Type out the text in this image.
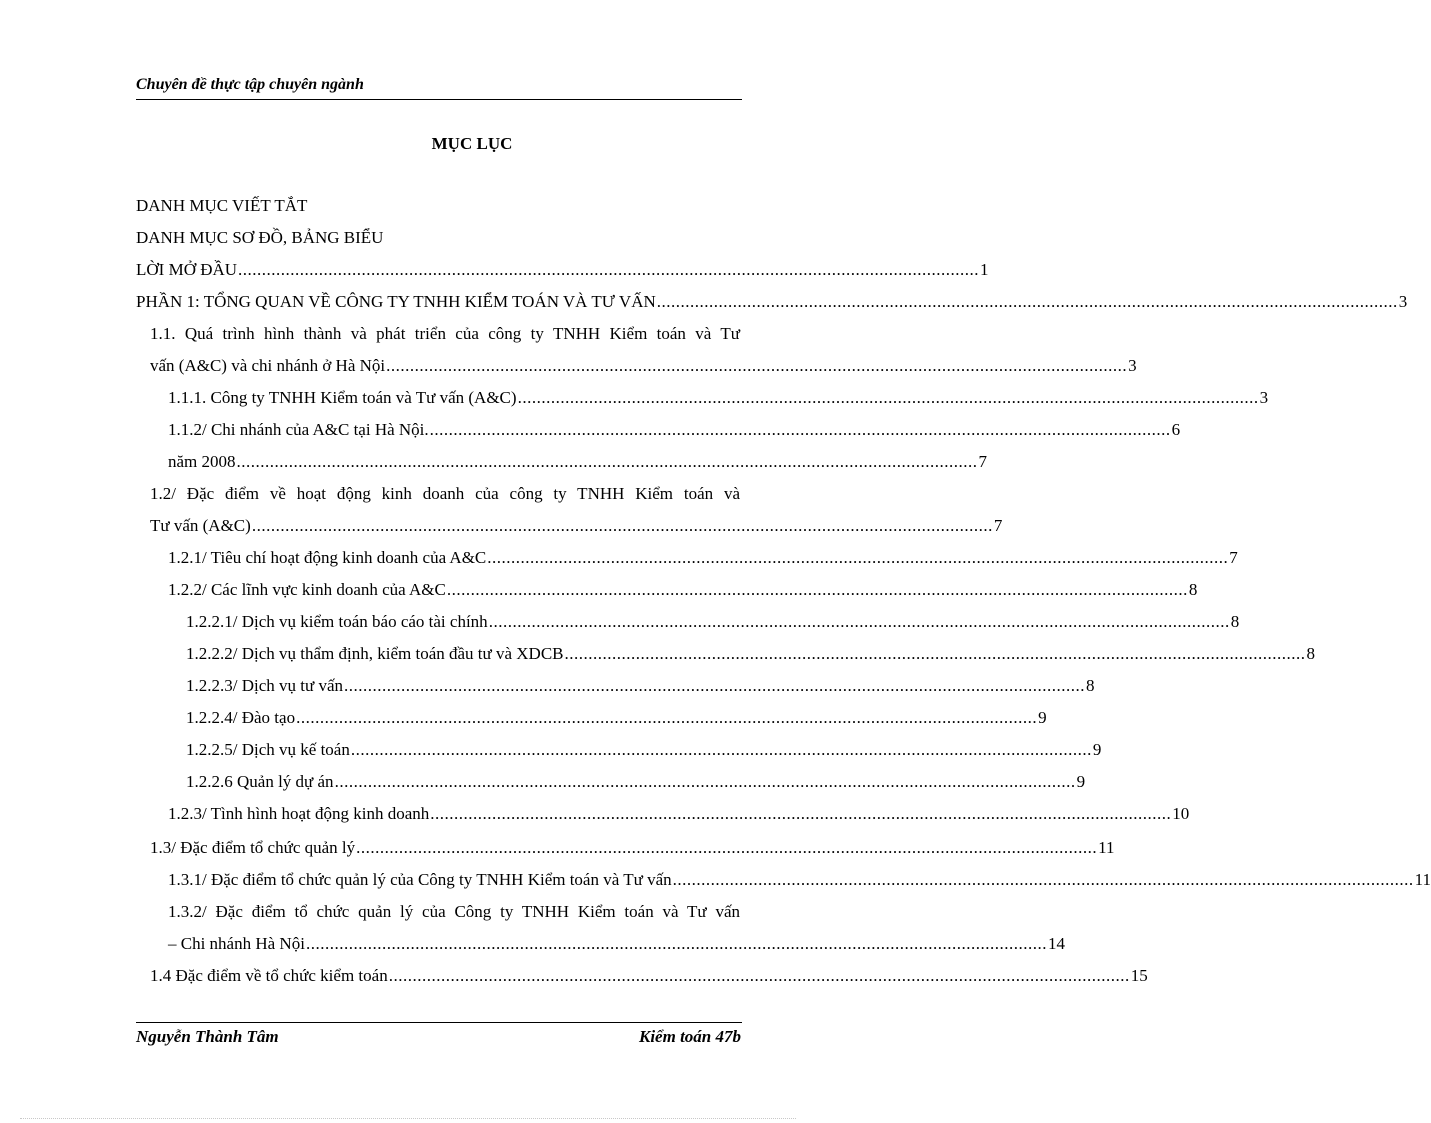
Chuyên đề thực tập chuyên ngành
MỤC LỤC
DANH MỤC VIẾT TẮT
DANH MỤC SƠ ĐỒ, BẢNG BIỂU
LỜI MỞ ĐẦU ............................................................................................................................................................ 1
PHẦN 1: TỔNG QUAN VỀ CÔNG TY TNHH KIỂM TOÁN VÀ TƯ VẤN ............................................................................................................................................................ 3
1.1. Quá trình hình thành và phát triển của công ty TNHH Kiểm toán và Tư
vấn (A&C) và chi nhánh ở Hà Nội ............................................................................................................................................................ 3
1.1.1. Công ty TNHH Kiểm toán và Tư vấn (A&C) ............................................................................................................................................................ 3
1.1.2/ Chi nhánh của A&C tại Hà Nội. ............................................................................................................................................................ 6
năm 2008 ............................................................................................................................................................ 7
1.2/ Đặc điểm về hoạt động kinh doanh của công ty TNHH Kiểm toán và
Tư vấn (A&C) ............................................................................................................................................................ 7
1.2.1/ Tiêu chí hoạt động kinh doanh của A&C ............................................................................................................................................................ 7
1.2.2/ Các lĩnh vực kinh doanh của A&C ............................................................................................................................................................ 8
1.2.2.1/ Dịch vụ kiểm toán báo cáo tài chính ............................................................................................................................................................ 8
1.2.2.2/ Dịch vụ thẩm định, kiểm toán đầu tư và XDCB ............................................................................................................................................................ 8
1.2.2.3/ Dịch vụ tư vấn ............................................................................................................................................................ 8
1.2.2.4/ Đào tạo ............................................................................................................................................................ 9
1.2.2.5/ Dịch vụ kế toán ............................................................................................................................................................ 9
1.2.2.6 Quản lý dự án ............................................................................................................................................................ 9
1.2.3/ Tình hình hoạt động kinh doanh ............................................................................................................................................................ 10
1.3/ Đặc điểm tổ chức quản lý ............................................................................................................................................................ 11
1.3.1/ Đặc điểm tổ chức quản lý của Công ty TNHH Kiểm toán và Tư vấn ............................................................................................................................................................ 11
1.3.2/ Đặc điểm tổ chức quản lý của Công ty TNHH Kiểm toán và Tư vấn
– Chi nhánh Hà Nội ............................................................................................................................................................ 14
1.4 Đặc điểm về tổ chức kiểm toán ............................................................................................................................................................ 15
Nguyễn Thành Tâm	Kiểm toán 47b
